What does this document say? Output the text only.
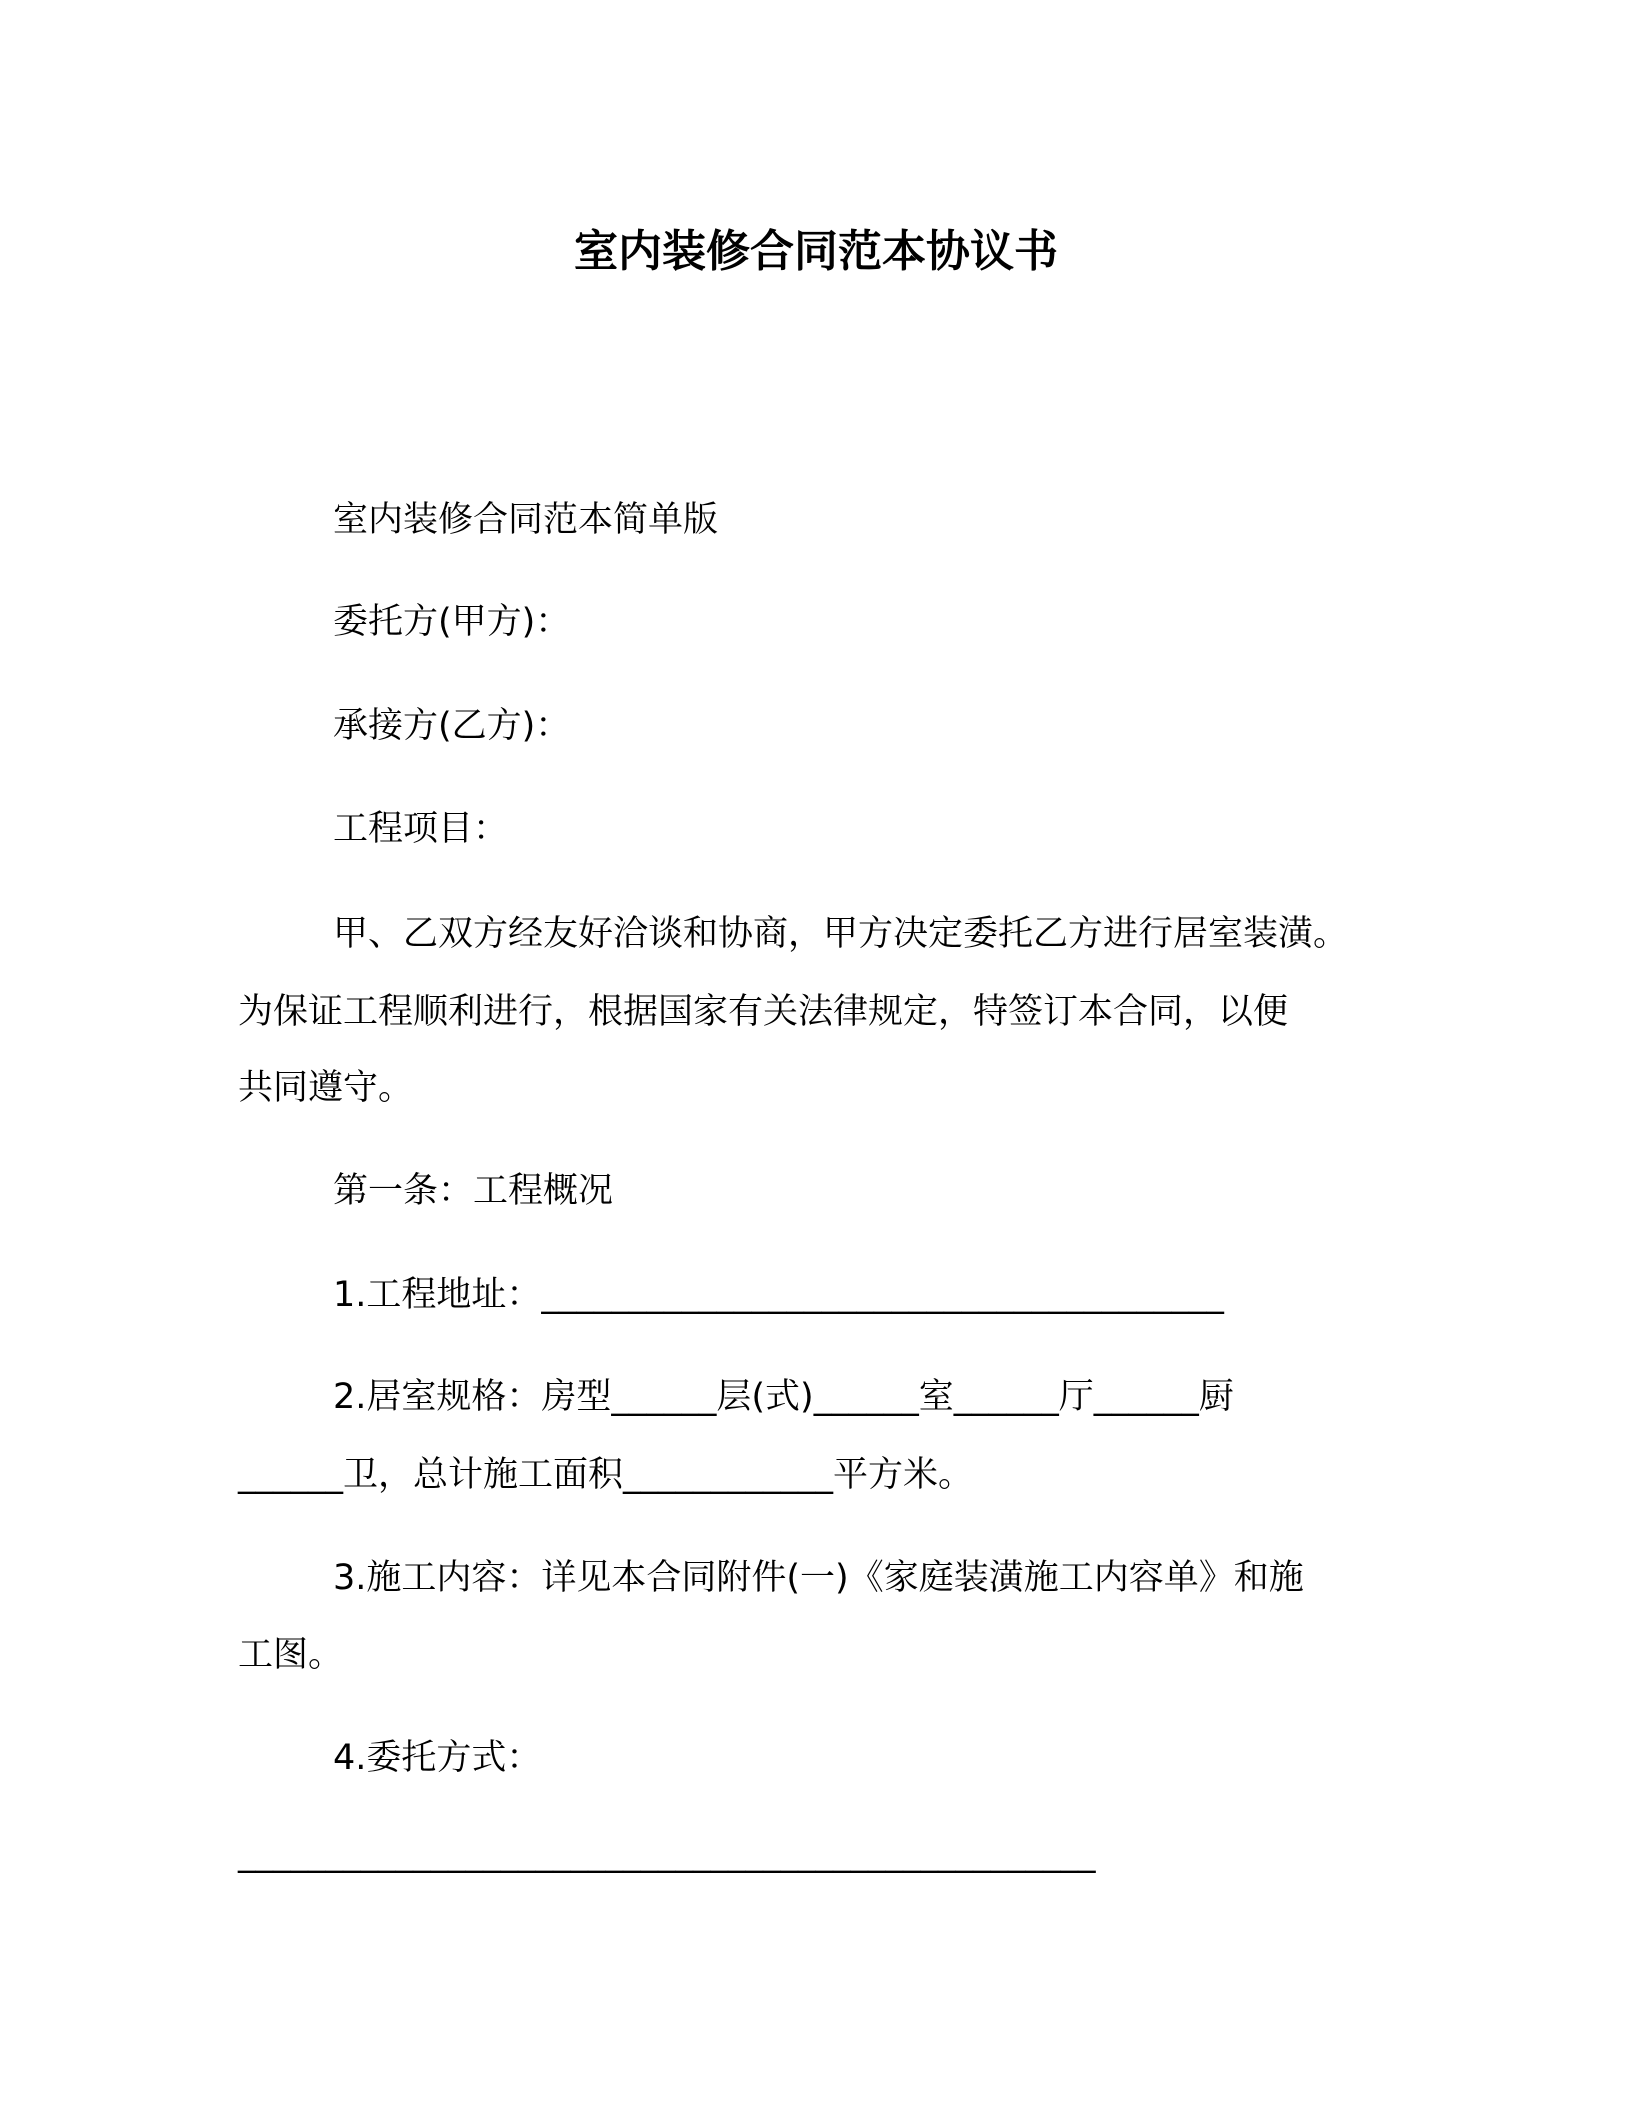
室内装修合同范本协议书
室内装修合同范本简单版
委托方(甲方)：
承接方(乙方)：
工程项目：
甲、乙双方经友好洽谈和协商，甲方决定委托乙方进行居室装潢。
为保证工程顺利进行，根据国家有关法律规定，特签订本合同，以便
共同遵守。
第一条：工程概况
1.工程地址：_______________________________________
2.居室规格：房型______层(式)______室______厅______厨
______卫，总计施工面积____________平方米。
3.施工内容：详见本合同附件(一)《家庭装潢施工内容单》和施
工图。
4.委托方式：
_________________________________________________
